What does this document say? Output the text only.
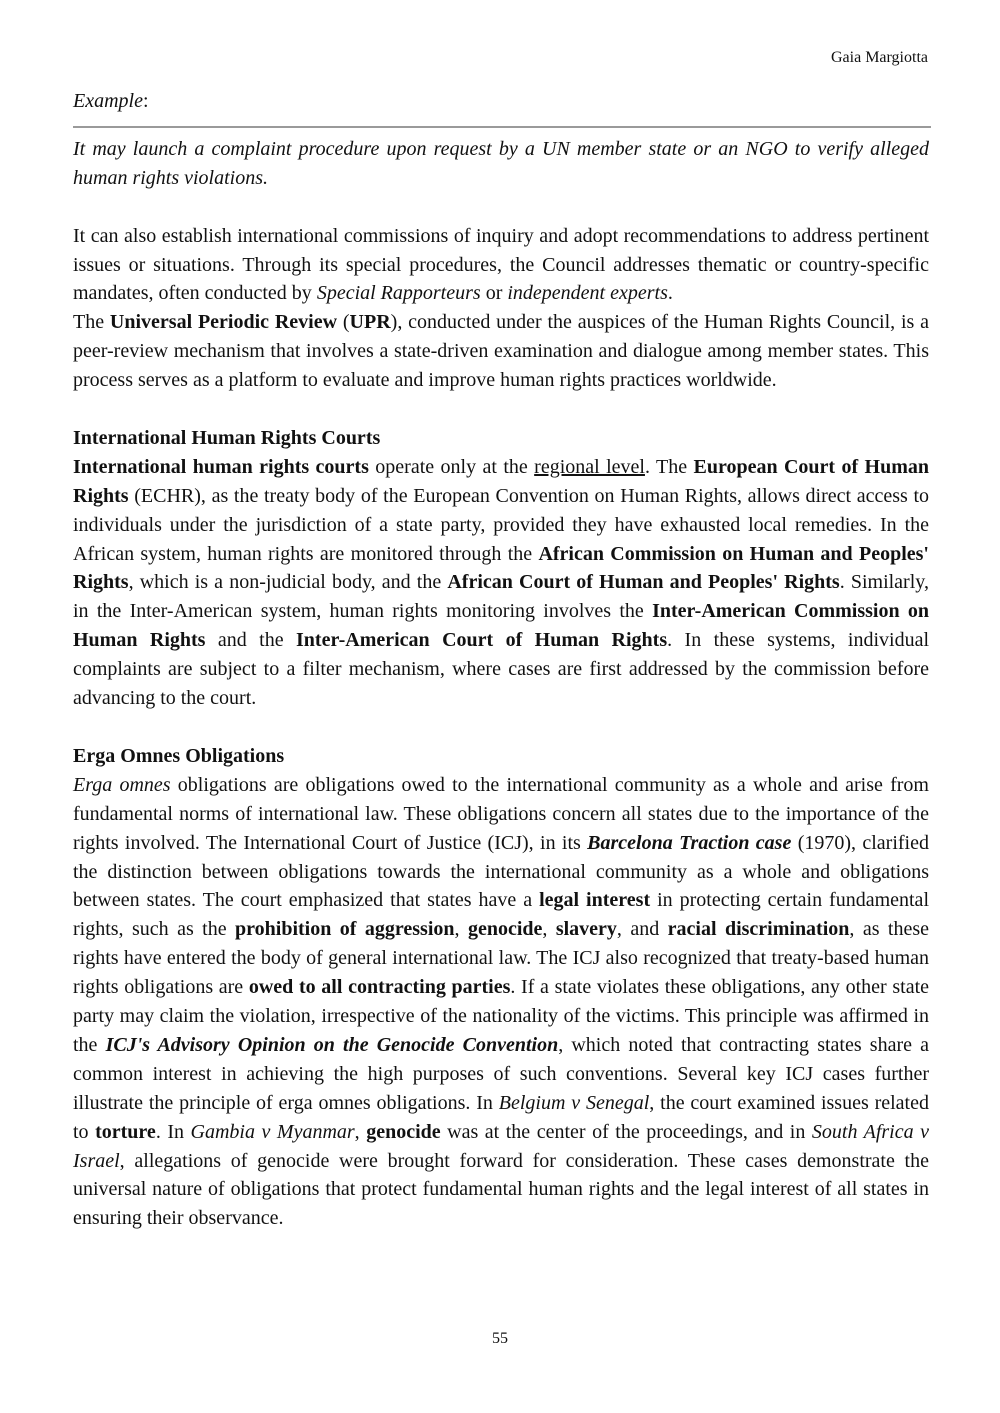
Gaia Margiotta

Example:

It may launch a complaint procedure upon request by a UN member state or an NGO to verify alleged human rights violations.

It can also establish international commissions of inquiry and adopt recommendations to address pertinent issues or situations. Through its special procedures, the Council addresses thematic or country-specific mandates, often conducted by Special Rapporteurs or independent experts.

The Universal Periodic Review (UPR), conducted under the auspices of the Human Rights Council, is a peer-review mechanism that involves a state-driven examination and dialogue among member states. This process serves as a platform to evaluate and improve human rights practices worldwide.

International Human Rights Courts

International human rights courts operate only at the regional level. The European Court of Human Rights (ECHR), as the treaty body of the European Convention on Human Rights, allows direct access to individuals under the jurisdiction of a state party, provided they have exhausted local remedies. In the African system, human rights are monitored through the African Commission on Human and Peoples' Rights, which is a non-judicial body, and the African Court of Human and Peoples' Rights. Similarly, in the Inter-American system, human rights monitoring involves the Inter-American Commission on Human Rights and the Inter-American Court of Human Rights. In these systems, individual complaints are subject to a filter mechanism, where cases are first addressed by the commission before advancing to the court.

Erga Omnes Obligations

Erga omnes obligations are obligations owed to the international community as a whole and arise from fundamental norms of international law. These obligations concern all states due to the importance of the rights involved. The International Court of Justice (ICJ), in its Barcelona Traction case (1970), clarified the distinction between obligations towards the international community as a whole and obligations between states. The court emphasized that states have a legal interest in protecting certain fundamental rights, such as the prohibition of aggression, genocide, slavery, and racial discrimination, as these rights have entered the body of general international law. The ICJ also recognized that treaty-based human rights obligations are owed to all contracting parties. If a state violates these obligations, any other state party may claim the violation, irrespective of the nationality of the victims. This principle was affirmed in the ICJ's Advisory Opinion on the Genocide Convention, which noted that contracting states share a common interest in achieving the high purposes of such conventions. Several key ICJ cases further illustrate the principle of erga omnes obligations. In Belgium v Senegal, the court examined issues related to torture. In Gambia v Myanmar, genocide was at the center of the proceedings, and in South Africa v Israel, allegations of genocide were brought forward for consideration. These cases demonstrate the universal nature of obligations that protect fundamental human rights and the legal interest of all states in ensuring their observance.

55
